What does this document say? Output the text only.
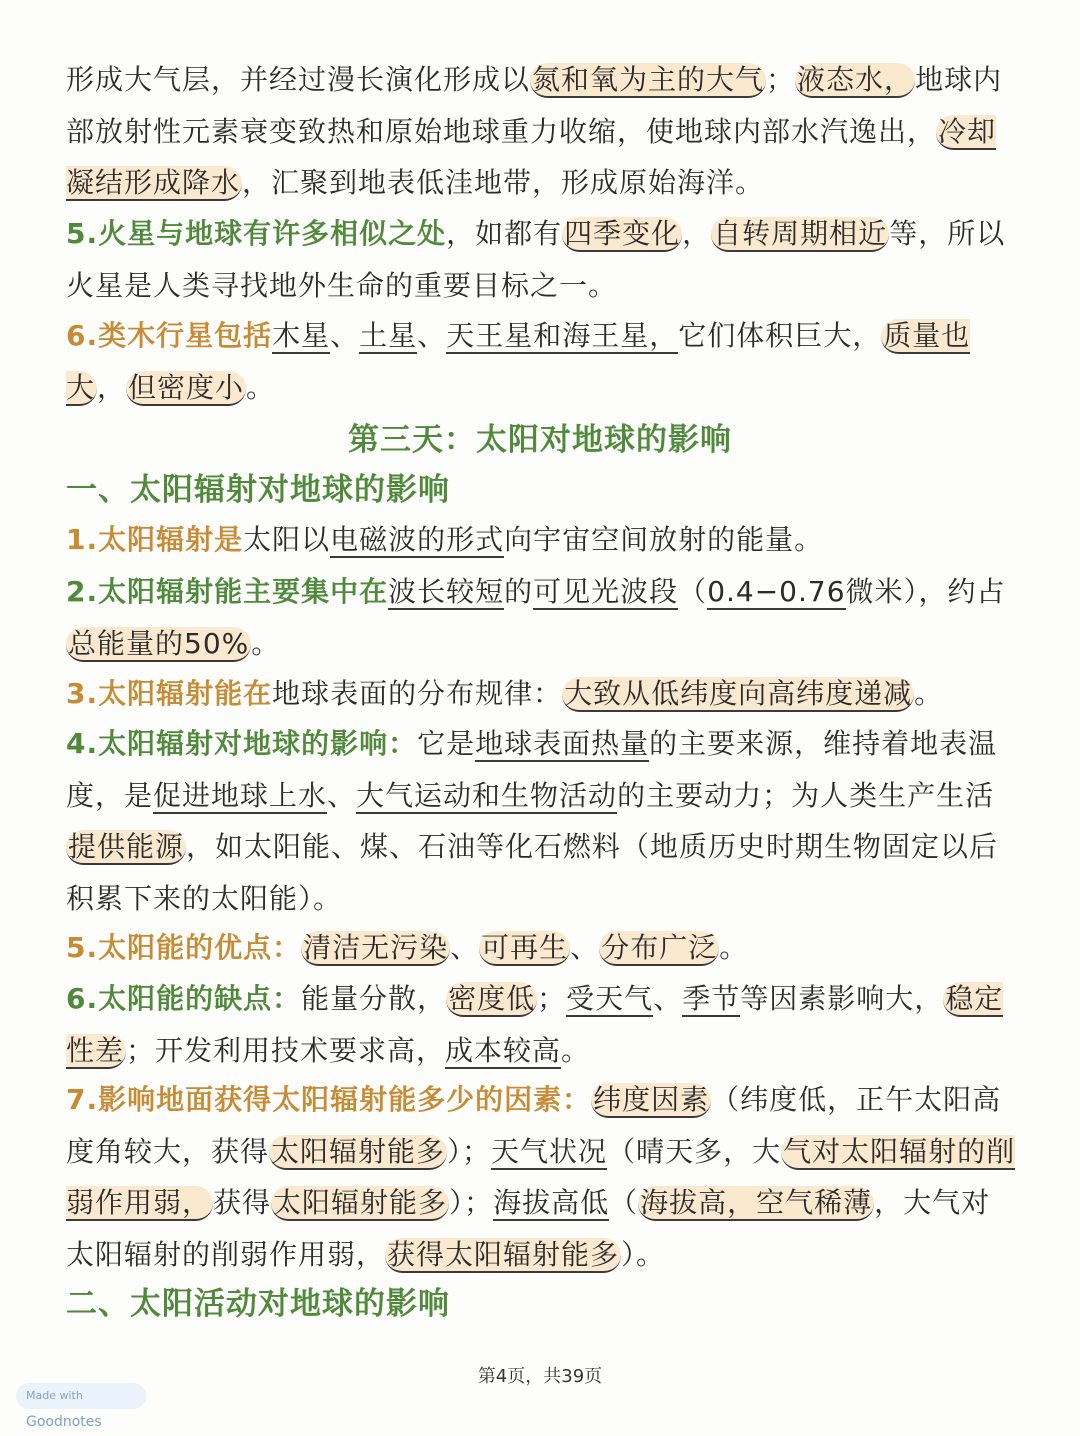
形成大气层，并经过漫长演化形成以氮和氧为主的大气；液态水，地球内部放射性元素衰变致热和原始地球重力收缩，使地球内部水汽逸出，冷却凝结形成降水，汇聚到地表低洼地带，形成原始海洋。
5.火星与地球有许多相似之处，如都有四季变化，自转周期相近等，所以火星是人类寻找地外生命的重要目标之一。
6.类木行星包括木星、土星、天王星和海王星，它们体积巨大，质量也大，但密度小。
第三天：太阳对地球的影响
一、太阳辐射对地球的影响
1.太阳辐射是太阳以电磁波的形式向宇宙空间放射的能量。
2.太阳辐射能主要集中在波长较短的可见光波段（0.4−0.76微米），约占总能量的50%。
3.太阳辐射能在地球表面的分布规律：大致从低纬度向高纬度递减。
4.太阳辐射对地球的影响：它是地球表面热量的主要来源，维持着地表温度，是促进地球上水、大气运动和生物活动的主要动力；为人类生产生活提供能源，如太阳能、煤、石油等化石燃料（地质历史时期生物固定以后积累下来的太阳能）。
5.太阳能的优点：清洁无污染、可再生、分布广泛。
6.太阳能的缺点：能量分散，密度低；受天气、季节等因素影响大，稳定性差；开发利用技术要求高，成本较高。
7.影响地面获得太阳辐射能多少的因素：纬度因素（纬度低，正午太阳高度角较大，获得太阳辐射能多）；天气状况（晴天多，大气对太阳辐射的削弱作用弱，获得太阳辐射能多）；海拔高低（海拔高，空气稀薄，大气对太阳辐射的削弱作用弱，获得太阳辐射能多）。
二、太阳活动对地球的影响
第4页，共39页
Made with Goodnotes
